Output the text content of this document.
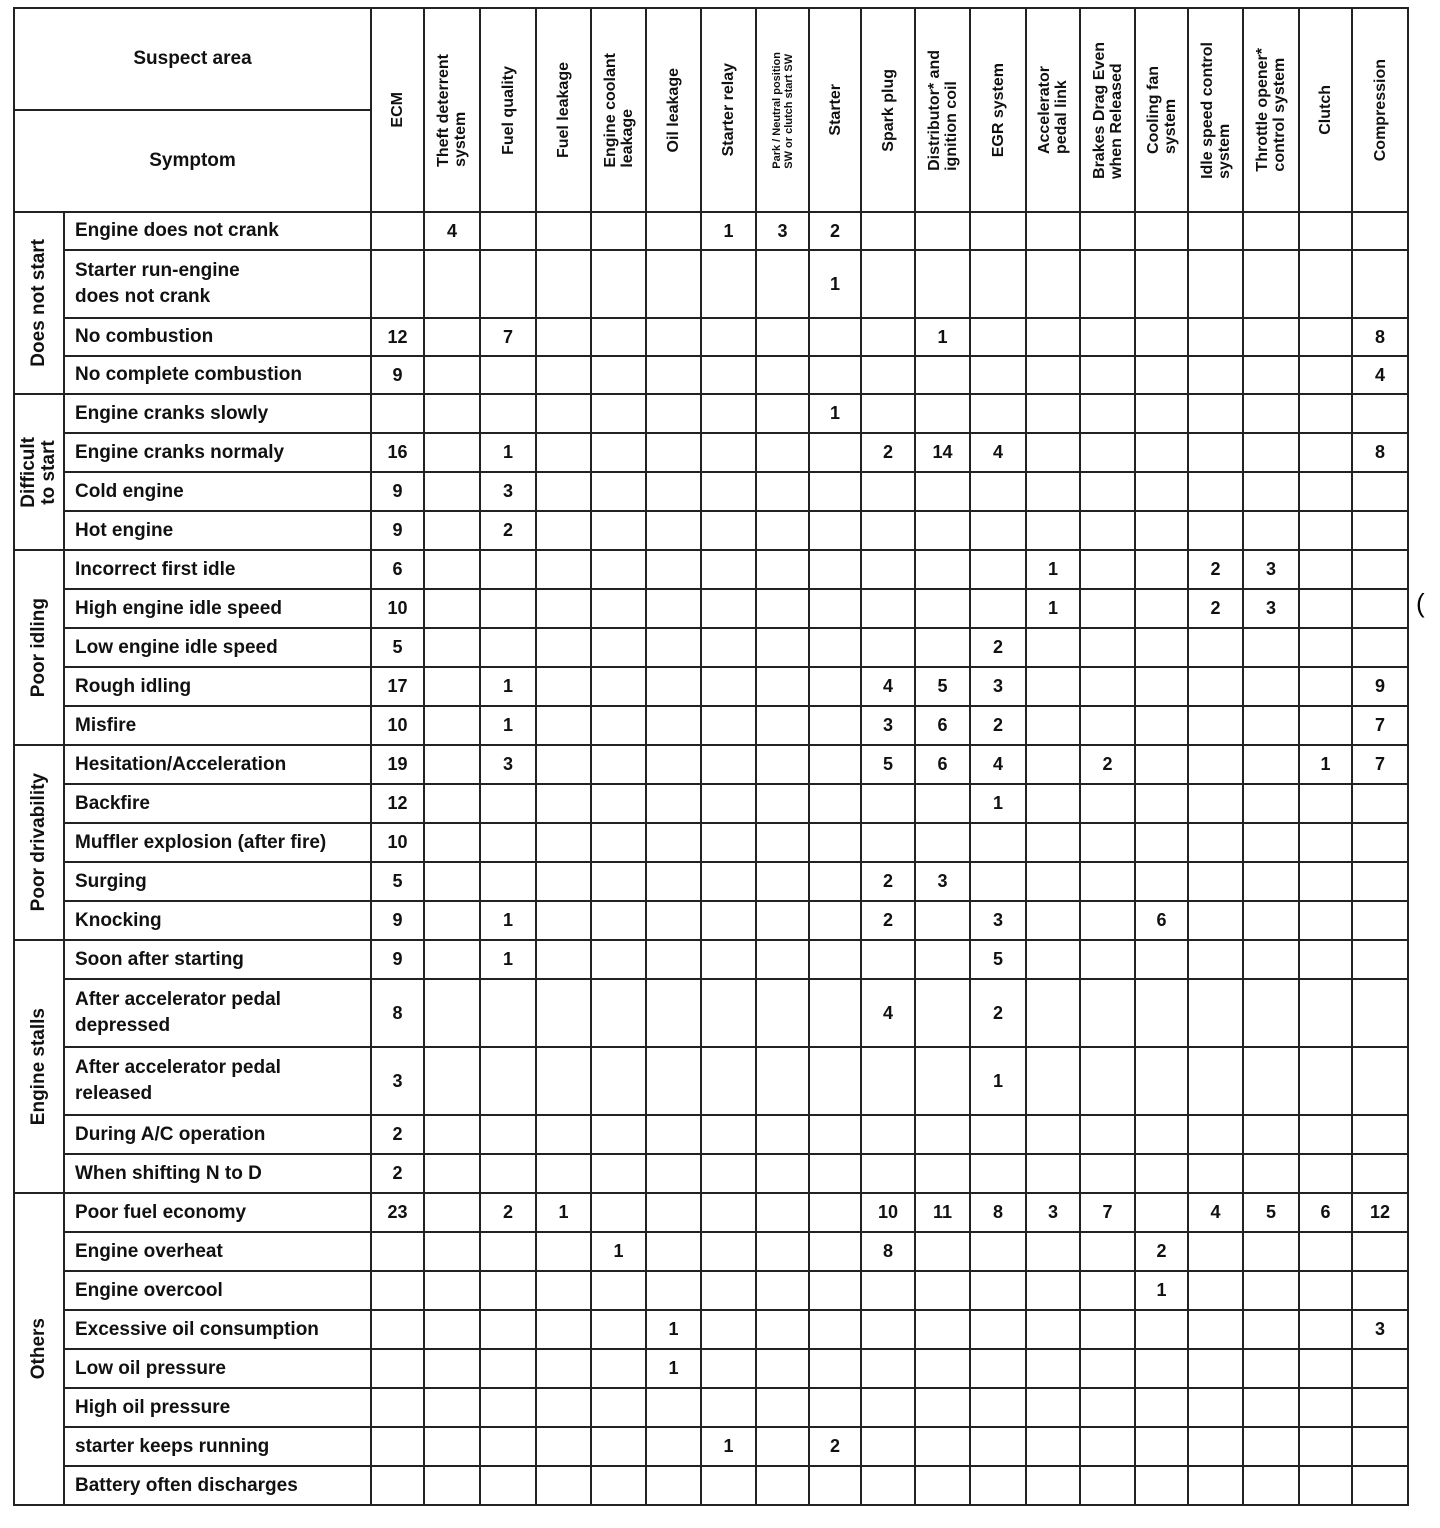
Suspect area		ECM	Theft deterrent
system	Fuel quality	Fuel leakage	Engine coolant
leakage	Oil leakage	Starter relay	Park / Neutral position
SW or clutch start SW	Starter	Spark plug	Distributor* and
ignition coil	EGR system	Accelerator
pedal link	Brakes Drag Even
when Released	Cooling fan
system	Idle speed control
system	Throttle opener*
control system	Clutch	Compression

Symptom																				

Does not start	Engine does not crank		4					1	3	2										
	Starter run-engine
does not crank									1										
	No combustion	12		7								1								8
	No complete combustion	9																		4

Difficult
to start	Engine cranks slowly									1										
	Engine cranks normaly	16		1							2	14	4							8
	Cold engine	9		3																
	Hot engine	9		2																

Poor idling	Incorrect first idle	6												1			2	3		
	High engine idle speed	10												1			2	3		
	Low engine idle speed	5											2							
	Rough idling	17		1							4	5	3							9
	Misfire	10		1							3	6	2							7

Poor drivability	Hesitation/Acceleration	19		3							5	6	4		2				1	7
	Backfire	12											1							
	Muffler explosion (after fire)	10																		
	Surging	5									2	3								
	Knocking	9		1							2		3			6				

Engine stalls	Soon after starting	9		1									5							
	After accelerator pedal
depressed	8									4		2							
	After accelerator pedal
released	3											1							
	During A/C operation	2																		
	When shifting N to D	2																		

Others	Poor fuel economy	23		2	1						10	11	8	3	7		4	5	6	12
	Engine overheat					1					8					2				
	Engine overcool															1				
	Excessive oil consumption						1													3
	Low oil pressure						1													
	High oil pressure																			
	starter keeps running							1		2										
	Battery often discharges																			
(
